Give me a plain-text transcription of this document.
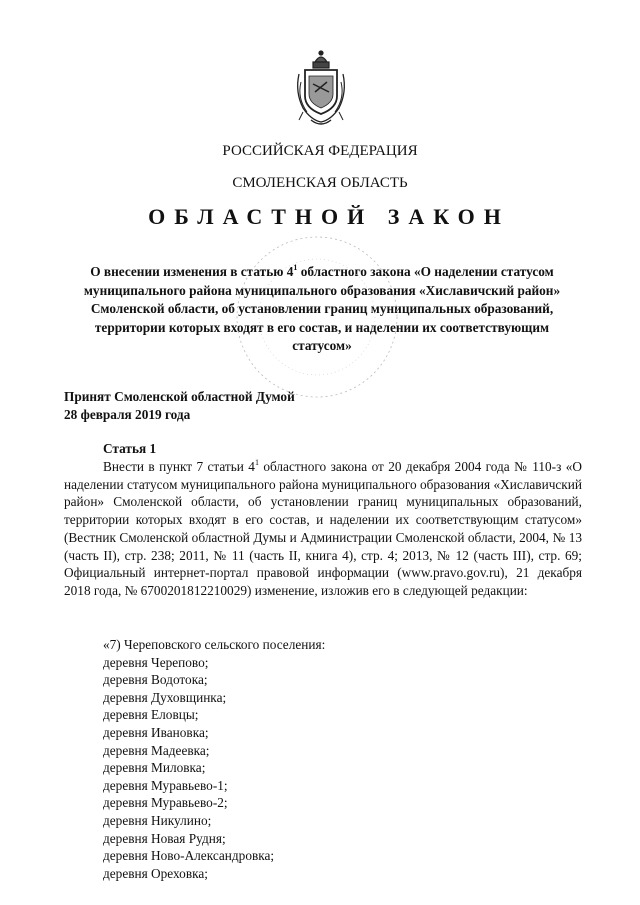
РОССИЙСКАЯ ФЕДЕРАЦИЯ
СМОЛЕНСКАЯ ОБЛАСТЬ
ОБЛАСТНОЙ ЗАКОН
О внесении изменения в статью $4^1$ областного закона «О наделении статусом муниципального района муниципального образования «Хиславичский район» Смоленской области, об установлении границ муниципальных образований, территории которых входят в его состав, и наделении их соответствующим статусом»
Принят Смоленской областной Думой
28 февраля 2019 года
Статья 1
Внести в пункт 7 статьи $4^1$ областного закона от 20 декабря 2004 года № 110-з «О наделении статусом муниципального района муниципального образования «Хиславичский район» Смоленской области, об установлении границ муниципальных образований, территории которых входят в его состав, и наделении их соответствующим статусом» (Вестник Смоленской областной Думы и Администрации Смоленской области, 2004, № 13 (часть II), стр. 238; 2011, № 11 (часть II, книга 4), стр. 4; 2013, № 12 (часть III), стр. 69; Официальный интернет-портал правовой информации (www.pravo.gov.ru), 21 декабря 2018 года, № 6700201812210029) изменение, изложив его в следующей редакции:
«7) Череповского сельского поселения:
деревня Черепово;
деревня Водотока;
деревня Духовщинка;
деревня Еловцы;
деревня Ивановка;
деревня Мадеевка;
деревня Миловка;
деревня Муравьево-1;
деревня Муравьево-2;
деревня Никулино;
деревня Новая Рудня;
деревня Ново-Александровка;
деревня Ореховка;
